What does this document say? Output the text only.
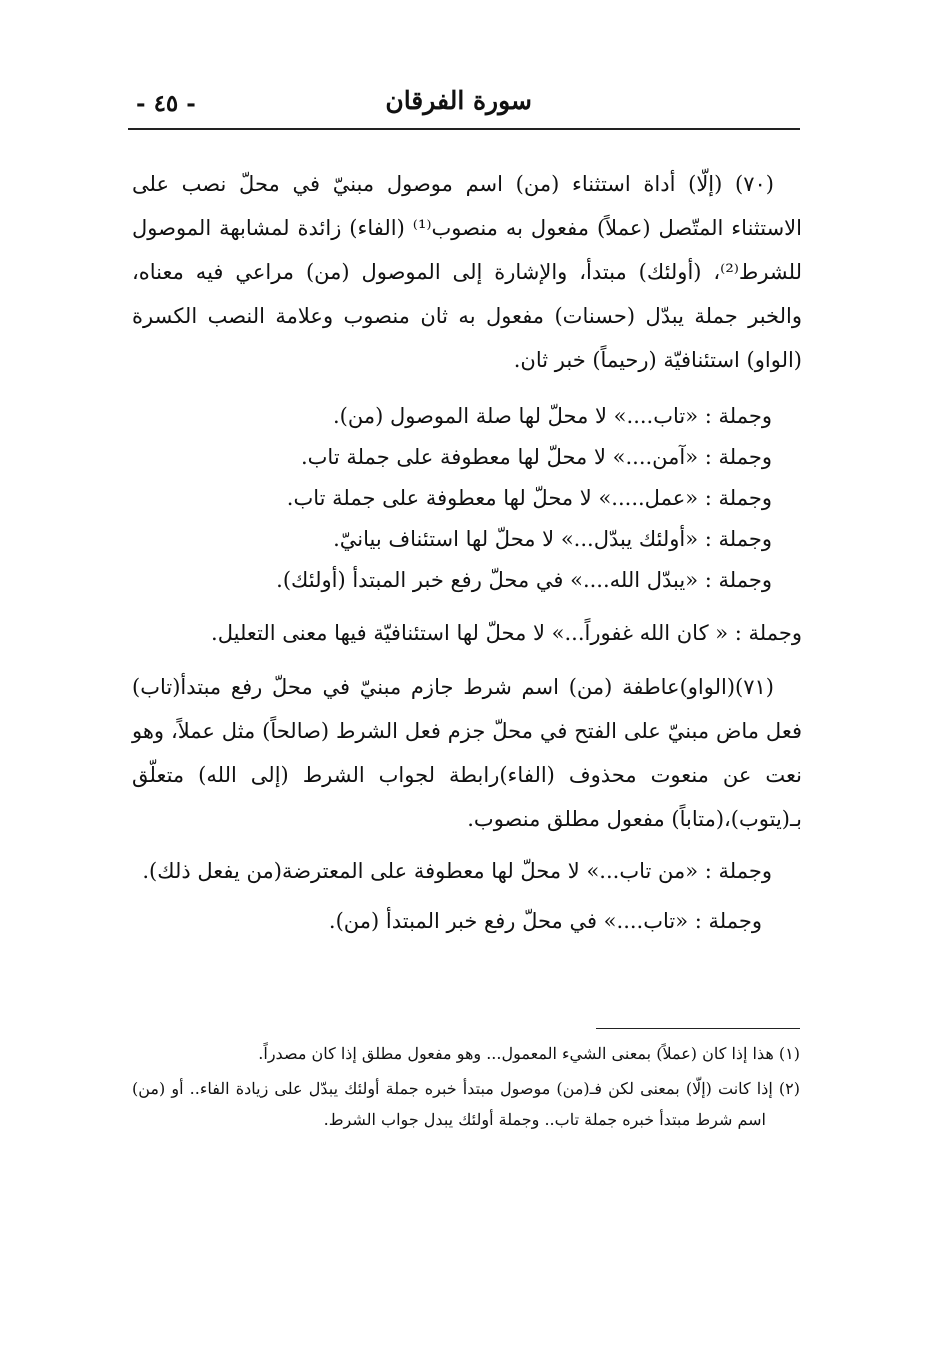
سورة الفرقان
- ٤٥ -

(٧٠) (إلّا) أداة استثناء (من) اسم موصول مبنيّ في محلّ نصب على الاستثناء المتّصل (عملاً) مفعول به منصوب⁽¹⁾ (الفاء) زائدة لمشابهة الموصول للشرط⁽²⁾، (أولئك) مبتدأ، والإشارة إلى الموصول (من) مراعي فيه معناه، والخبر جملة يبدّل (حسنات) مفعول به ثان منصوب وعلامة النصب الكسرة (الواو) استئنافيّة (رحيماً) خبر ثان.

وجملة : «تاب....» لا محلّ لها صلة الموصول (من).

وجملة : «آمن....» لا محلّ لها معطوفة على جملة تاب.

وجملة : «عمل.....» لا محلّ لها معطوفة على جملة تاب.

وجملة : «أولئك يبدّل...» لا محلّ لها استئناف بيانيّ.

وجملة : «يبدّل الله....» في محلّ رفع خبر المبتدأ (أولئك).

وجملة : « كان الله غفوراً...» لا محلّ لها استئنافيّة فيها معنى التعليل.

(٧١)(الواو)عاطفة (من) اسم شرط جازم مبنيّ في محلّ رفع مبتدأ(تاب) فعل ماض مبنيّ على الفتح في محلّ جزم فعل الشرط (صالحاً) مثل عملاً، وهو نعت عن منعوت محذوف (الفاء)رابطة لجواب الشرط (إلى الله) متعلّق بـ(يتوب)،(متاباً) مفعول مطلق منصوب.

وجملة : «من تاب...» لا محلّ لها معطوفة على المعترضة(من يفعل ذلك).

وجملة : «تاب....» في محلّ رفع خبر المبتدأ (من).

(١) هذا إذا كان (عملاً) بمعنى الشيء المعمول... وهو مفعول مطلق إذا كان مصدراً.

(٢) إذا كانت (إلّا) بمعنى لكن فـ(من) موصول مبتدأ خبره جملة أولئك يبدّل على زيادة الفاء.. أو (من) اسم شرط مبتدأ خبره جملة تاب.. وجملة أولئك يبدل جواب الشرط.
